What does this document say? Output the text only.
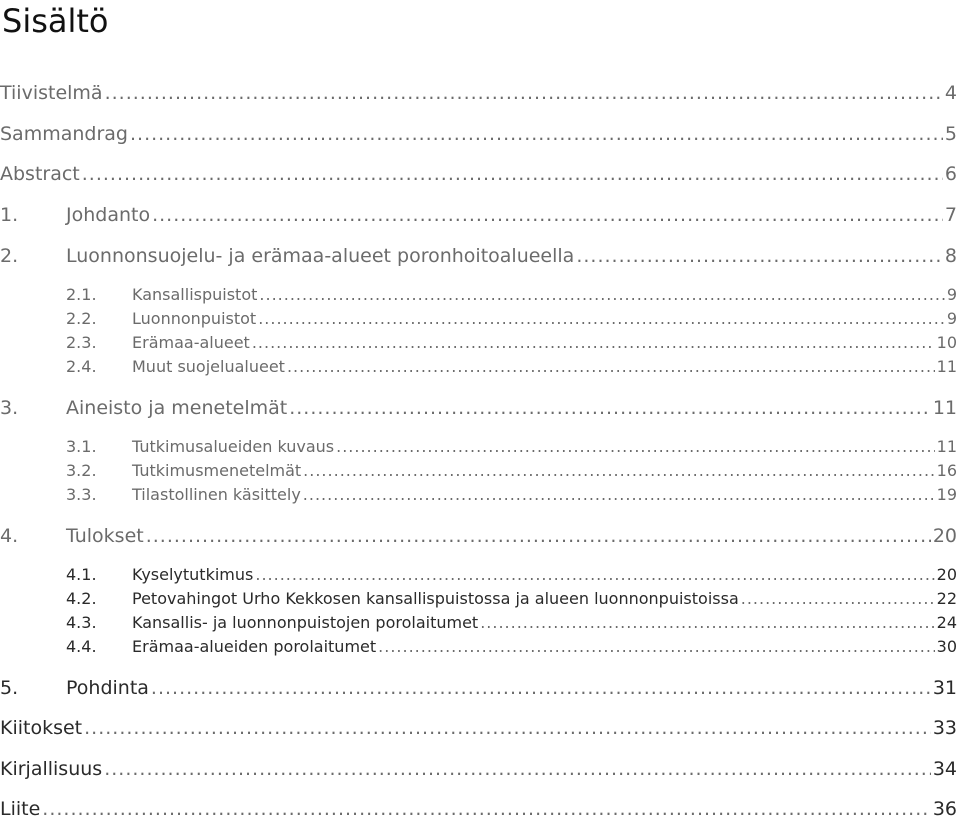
Sisältö
Tiivistelmä .....	4
Sammandrag .....	5
Abstract .....	6
1.	Johdanto .....	7
2.	Luonnonsuojelu- ja erämaa-alueet poronhoitoalueella .....	8
2.1.	Kansallispuistot .....	9
2.2.	Luonnonpuistot .....	9
2.3.	Erämaa-alueet .....	10
2.4.	Muut suojelualueet .....	11
3.	Aineisto ja menetelmät .....	11
3.1.	Tutkimusalueiden kuvaus .....	11
3.2.	Tutkimusmenetelmät .....	16
3.3.	Tilastollinen käsittely .....	19
4.	Tulokset .....	20
4.1.	Kyselytutkimus .....	20
4.2.	Petovahingot Urho Kekkosen kansallispuistossa ja alueen luonnonpuistoissa .....	22
4.3.	Kansallis- ja luonnonpuistojen porolaitumet .....	24
4.4.	Erämaa-alueiden porolaitumet .....	30
5.	Pohdinta .....	31
Kiitokset .....	33
Kirjallisuus .....	34
Liite .....	36
